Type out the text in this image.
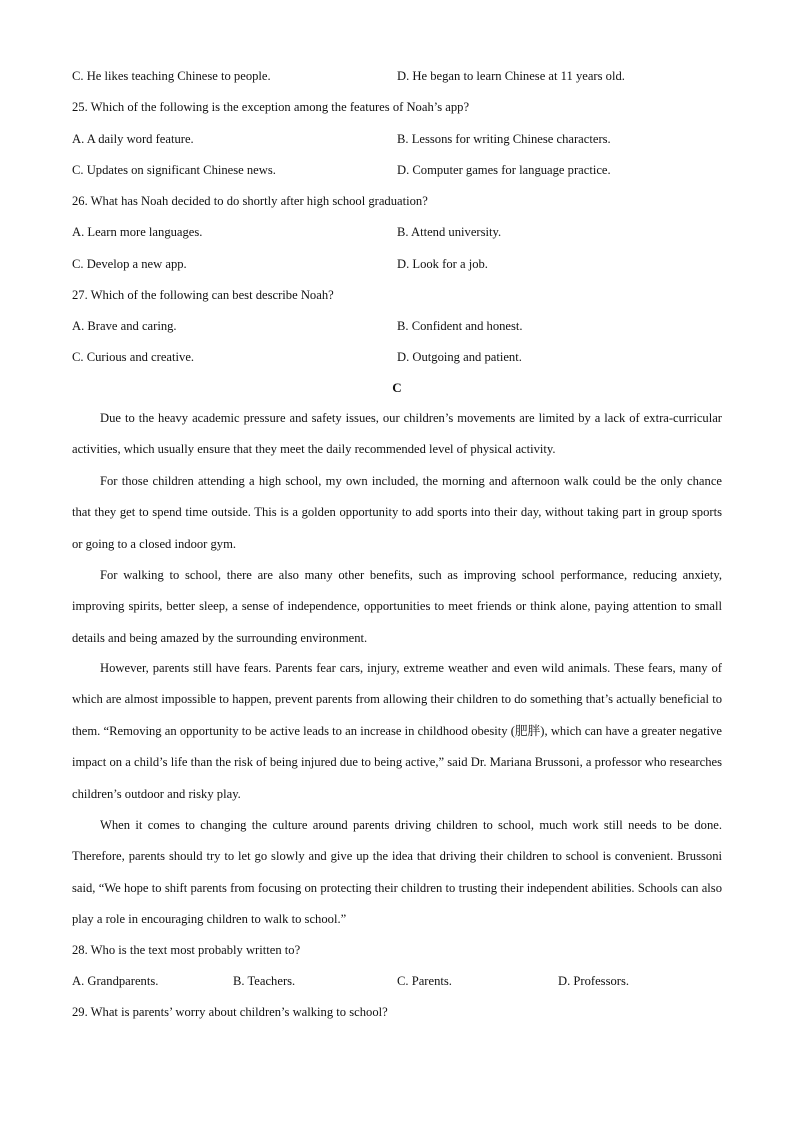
C. He likes teaching Chinese to people.	D. He began to learn Chinese at 11 years old.
25. Which of the following is the exception among the features of Noah’s app?
A. A daily word feature.	B. Lessons for writing Chinese characters.
C. Updates on significant Chinese news.	D. Computer games for language practice.
26. What has Noah decided to do shortly after high school graduation?
A. Learn more languages.	B. Attend university.
C. Develop a new app.	D. Look for a job.
27. Which of the following can best describe Noah?
A. Brave and caring.	B. Confident and honest.
C. Curious and creative.	D. Outgoing and patient.
C
Due to the heavy academic pressure and safety issues, our children’s movements are limited by a lack of extra-curricular activities, which usually ensure that they meet the daily recommended level of physical activity.
For those children attending a high school, my own included, the morning and afternoon walk could be the only chance that they get to spend time outside. This is a golden opportunity to add sports into their day, without taking part in group sports or going to a closed indoor gym.
For walking to school, there are also many other benefits, such as improving school performance, reducing anxiety, improving spirits, better sleep, a sense of independence, opportunities to meet friends or think alone, paying attention to small details and being amazed by the surrounding environment.
However, parents still have fears. Parents fear cars, injury, extreme weather and even wild animals. These fears, many of which are almost impossible to happen, prevent parents from allowing their children to do something that’s actually beneficial to them. “Removing an opportunity to be active leads to an increase in childhood obesity (肥胖), which can have a greater negative impact on a child’s life than the risk of being injured due to being active,” said Dr. Mariana Brussoni, a professor who researches children’s outdoor and risky play.
When it comes to changing the culture around parents driving children to school, much work still needs to be done. Therefore, parents should try to let go slowly and give up the idea that driving their children to school is convenient. Brussoni said, “We hope to shift parents from focusing on protecting their children to trusting their independent abilities. Schools can also play a role in encouraging children to walk to school.”
28. Who is the text most probably written to?
A. Grandparents.	B. Teachers.	C. Parents.	D. Professors.
29. What is parents’ worry about children’s walking to school?
